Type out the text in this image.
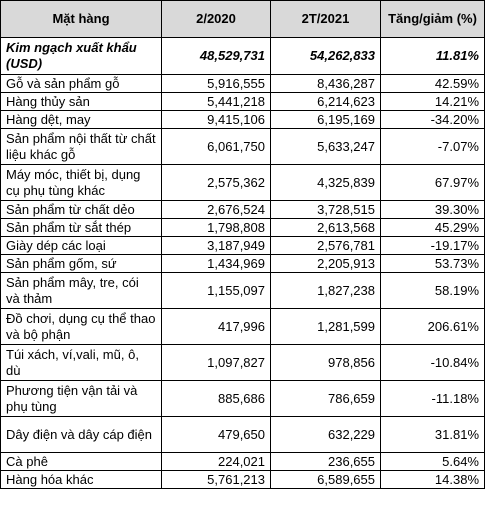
Mặt hàng	2/2020	2T/2021	Tăng/giảm (%)
Kim ngạch xuất khẩu (USD)	48,529,731	54,262,833	11.81%
Gỗ và sản phẩm gỗ	5,916,555	8,436,287	42.59%
Hàng thủy sản	5,441,218	6,214,623	14.21%
Hàng dệt, may	9,415,106	6,195,169	-34.20%
Sản phẩm nội thất từ chất liệu khác gỗ	6,061,750	5,633,247	-7.07%
Máy móc, thiết bị, dụng cụ phụ tùng khác	2,575,362	4,325,839	67.97%
Sản phẩm từ chất dẻo	2,676,524	3,728,515	39.30%
Sản phẩm từ sắt thép	1,798,808	2,613,568	45.29%
Giày dép các loại	3,187,949	2,576,781	-19.17%
Sản phẩm gốm, sứ	1,434,969	2,205,913	53.73%
Sản phẩm mây, tre, cói và thảm	1,155,097	1,827,238	58.19%
Đồ chơi, dụng cụ thể thao và bộ phận	417,996	1,281,599	206.61%
Túi xách, ví,vali, mũ, ô, dù	1,097,827	978,856	-10.84%
Phương tiện vận tải và phụ tùng	885,686	786,659	-11.18%
Dây điện và dây cáp điện	479,650	632,229	31.81%
Cà phê	224,021	236,655	5.64%
Hàng hóa khác	5,761,213	6,589,655	14.38%
